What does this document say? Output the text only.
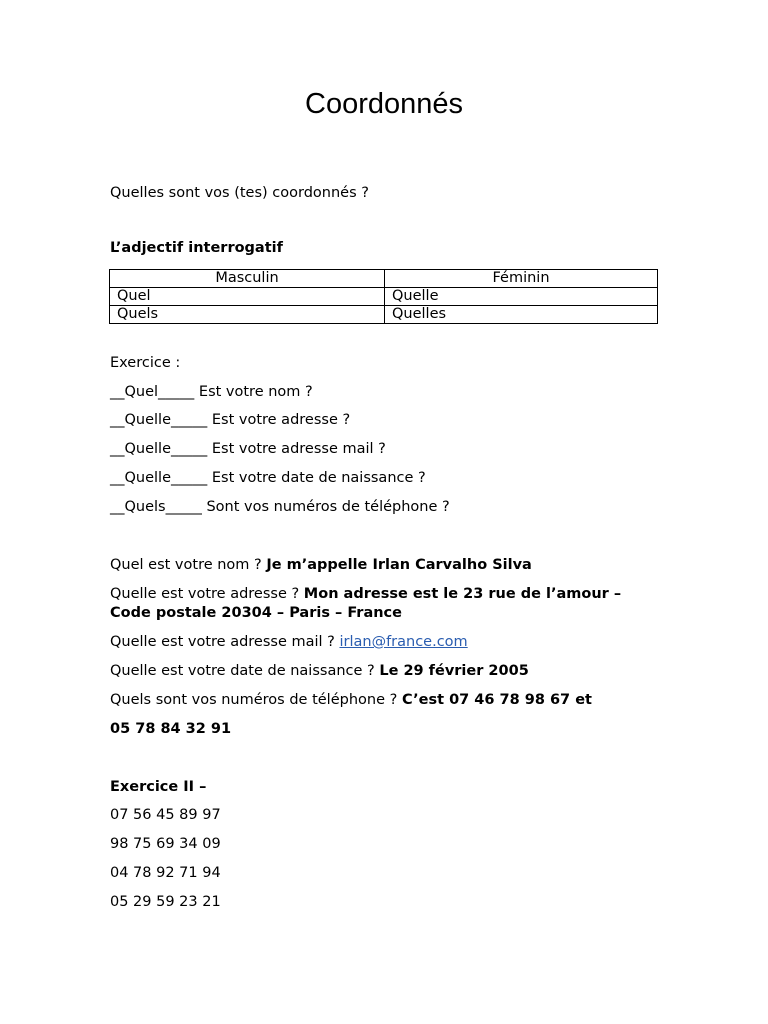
Coordonnés
Quelles sont vos (tes) coordonnés ?
L’adjectif interrogatif
Masculin	Féminin
Quel	Quelle
Quels	Quelles
Exercice :
__Quel_____ Est votre nom ?
__Quelle_____ Est votre adresse ?
__Quelle_____ Est votre adresse mail ?
__Quelle_____ Est votre date de naissance ?
__Quels_____ Sont vos numéros de téléphone ?
Quel est votre nom ? Je m’appelle Irlan Carvalho Silva
Quelle est votre adresse ? Mon adresse est le 23 rue de l’amour –
Code postale 20304 – Paris – France
Quelle est votre adresse mail ? irlan@france.com
Quelle est votre date de naissance ? Le 29 février 2005
Quels sont vos numéros de téléphone ? C’est 07 46 78 98 67 et
05 78 84 32 91
Exercice II –
07 56 45 89 97
98 75 69 34 09
04 78 92 71 94
05 29 59 23 21
